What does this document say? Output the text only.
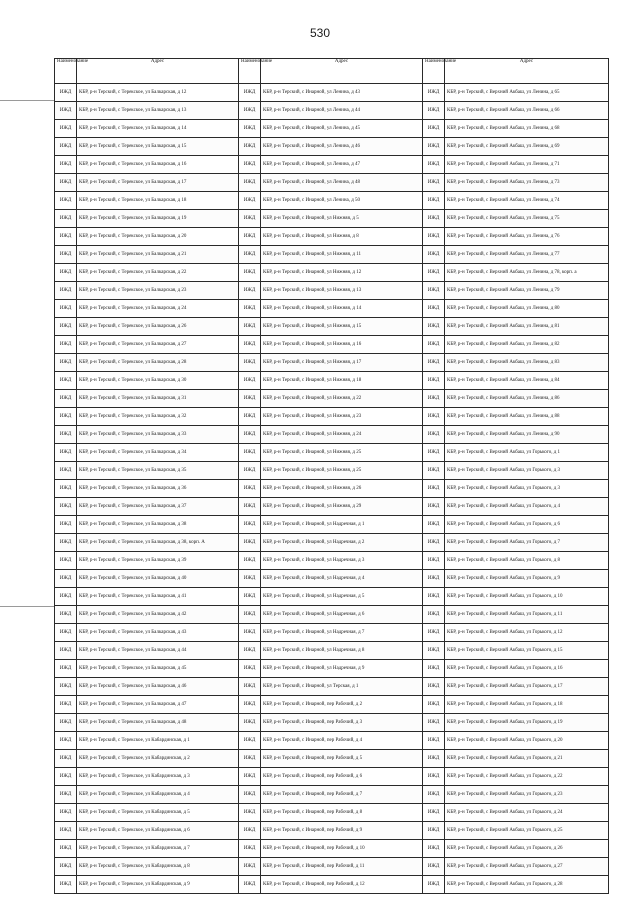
530
Наименование	Адрес	Наименование	Адрес	Наименование	Адрес
ИЖД	КБР, р-н Терский, с Терекское, ул Балкарская, д 12	ИЖД	КБР, р-н Терский, с Инарной, ул Ленина, д 43	ИЖД	КБР, р-н Терский, с Верхний Акбаш, ул Ленина, д 65
ИЖД	КБР, р-н Терский, с Терекское, ул Балкарская, д 13	ИЖД	КБР, р-н Терский, с Инарной, ул Ленина, д 44	ИЖД	КБР, р-н Терский, с Верхний Акбаш, ул Ленина, д 66
ИЖД	КБР, р-н Терский, с Терекское, ул Балкарская, д 14	ИЖД	КБР, р-н Терский, с Инарной, ул Ленина, д 45	ИЖД	КБР, р-н Терский, с Верхний Акбаш, ул Ленина, д 68
ИЖД	КБР, р-н Терский, с Терекское, ул Балкарская, д 15	ИЖД	КБР, р-н Терский, с Инарной, ул Ленина, д 46	ИЖД	КБР, р-н Терский, с Верхний Акбаш, ул Ленина, д 69
ИЖД	КБР, р-н Терский, с Терекское, ул Балкарская, д 16	ИЖД	КБР, р-н Терский, с Инарной, ул Ленина, д 47	ИЖД	КБР, р-н Терский, с Верхний Акбаш, ул Ленина, д 71
ИЖД	КБР, р-н Терский, с Терекское, ул Балкарская, д 17	ИЖД	КБР, р-н Терский, с Инарной, ул Ленина, д 48	ИЖД	КБР, р-н Терский, с Верхний Акбаш, ул Ленина, д 73
ИЖД	КБР, р-н Терский, с Терекское, ул Балкарская, д 18	ИЖД	КБР, р-н Терский, с Инарной, ул Ленина, д 50	ИЖД	КБР, р-н Терский, с Верхний Акбаш, ул Ленина, д 74
ИЖД	КБР, р-н Терский, с Терекское, ул Балкарская, д 19	ИЖД	КБР, р-н Терский, с Инарной, ул Нижняя, д 5	ИЖД	КБР, р-н Терский, с Верхний Акбаш, ул Ленина, д 75
ИЖД	КБР, р-н Терский, с Терекское, ул Балкарская, д 20	ИЖД	КБР, р-н Терский, с Инарной, ул Нижняя, д 8	ИЖД	КБР, р-н Терский, с Верхний Акбаш, ул Ленина, д 76
ИЖД	КБР, р-н Терский, с Терекское, ул Балкарская, д 21	ИЖД	КБР, р-н Терский, с Инарной, ул Нижняя, д 11	ИЖД	КБР, р-н Терский, с Верхний Акбаш, ул Ленина, д 77
ИЖД	КБР, р-н Терский, с Терекское, ул Балкарская, д 22	ИЖД	КБР, р-н Терский, с Инарной, ул Нижняя, д 12	ИЖД	КБР, р-н Терский, с Верхний Акбаш, ул Ленина, д 78, корп. а
ИЖД	КБР, р-н Терский, с Терекское, ул Балкарская, д 23	ИЖД	КБР, р-н Терский, с Инарной, ул Нижняя, д 13	ИЖД	КБР, р-н Терский, с Верхний Акбаш, ул Ленина, д 79
ИЖД	КБР, р-н Терский, с Терекское, ул Балкарская, д 24	ИЖД	КБР, р-н Терский, с Инарной, ул Нижняя, д 14	ИЖД	КБР, р-н Терский, с Верхний Акбаш, ул Ленина, д 80
ИЖД	КБР, р-н Терский, с Терекское, ул Балкарская, д 26	ИЖД	КБР, р-н Терский, с Инарной, ул Нижняя, д 15	ИЖД	КБР, р-н Терский, с Верхний Акбаш, ул Ленина, д 81
ИЖД	КБР, р-н Терский, с Терекское, ул Балкарская, д 27	ИЖД	КБР, р-н Терский, с Инарной, ул Нижняя, д 16	ИЖД	КБР, р-н Терский, с Верхний Акбаш, ул Ленина, д 82
ИЖД	КБР, р-н Терский, с Терекское, ул Балкарская, д 28	ИЖД	КБР, р-н Терский, с Инарной, ул Нижняя, д 17	ИЖД	КБР, р-н Терский, с Верхний Акбаш, ул Ленина, д 83
ИЖД	КБР, р-н Терский, с Терекское, ул Балкарская, д 30	ИЖД	КБР, р-н Терский, с Инарной, ул Нижняя, д 18	ИЖД	КБР, р-н Терский, с Верхний Акбаш, ул Ленина, д 84
ИЖД	КБР, р-н Терский, с Терекское, ул Балкарская, д 31	ИЖД	КБР, р-н Терский, с Инарной, ул Нижняя, д 22	ИЖД	КБР, р-н Терский, с Верхний Акбаш, ул Ленина, д 86
ИЖД	КБР, р-н Терский, с Терекское, ул Балкарская, д 32	ИЖД	КБР, р-н Терский, с Инарной, ул Нижняя, д 23	ИЖД	КБР, р-н Терский, с Верхний Акбаш, ул Ленина, д 88
ИЖД	КБР, р-н Терский, с Терекское, ул Балкарская, д 33	ИЖД	КБР, р-н Терский, с Инарной, ул Нижняя, д 24	ИЖД	КБР, р-н Терский, с Верхний Акбаш, ул Ленина, д 90
ИЖД	КБР, р-н Терский, с Терекское, ул Балкарская, д 34	ИЖД	КБР, р-н Терский, с Инарной, ул Нижняя, д 25	ИЖД	КБР, р-н Терский, с Верхний Акбаш, ул Горького, д 1
ИЖД	КБР, р-н Терский, с Терекское, ул Балкарская, д 35	ИЖД	КБР, р-н Терский, с Инарной, ул Нижняя, д 25	ИЖД	КБР, р-н Терский, с Верхний Акбаш, ул Горького, д 3
ИЖД	КБР, р-н Терский, с Терекское, ул Балкарская, д 36	ИЖД	КБР, р-н Терский, с Инарной, ул Нижняя, д 26	ИЖД	КБР, р-н Терский, с Верхний Акбаш, ул Горького, д 3
ИЖД	КБР, р-н Терский, с Терекское, ул Балкарская, д 37	ИЖД	КБР, р-н Терский, с Инарной, ул Нижняя, д 29	ИЖД	КБР, р-н Терский, с Верхний Акбаш, ул Горького, д 4
ИЖД	КБР, р-н Терский, с Терекское, ул Балкарская, д 38	ИЖД	КБР, р-н Терский, с Инарной, ул Надречная, д 1	ИЖД	КБР, р-н Терский, с Верхний Акбаш, ул Горького, д 6
ИЖД	КБР, р-н Терский, с Терекское, ул Балкарская, д 38, корп. А	ИЖД	КБР, р-н Терский, с Инарной, ул Надречная, д 2	ИЖД	КБР, р-н Терский, с Верхний Акбаш, ул Горького, д 7
ИЖД	КБР, р-н Терский, с Терекское, ул Балкарская, д 39	ИЖД	КБР, р-н Терский, с Инарной, ул Надречная, д 3	ИЖД	КБР, р-н Терский, с Верхний Акбаш, ул Горького, д 8
ИЖД	КБР, р-н Терский, с Терекское, ул Балкарская, д 40	ИЖД	КБР, р-н Терский, с Инарной, ул Надречная, д 4	ИЖД	КБР, р-н Терский, с Верхний Акбаш, ул Горького, д 9
ИЖД	КБР, р-н Терский, с Терекское, ул Балкарская, д 41	ИЖД	КБР, р-н Терский, с Инарной, ул Надречная, д 5	ИЖД	КБР, р-н Терский, с Верхний Акбаш, ул Горького, д 10
ИЖД	КБР, р-н Терский, с Терекское, ул Балкарская, д 42	ИЖД	КБР, р-н Терский, с Инарной, ул Надречная, д 6	ИЖД	КБР, р-н Терский, с Верхний Акбаш, ул Горького, д 11
ИЖД	КБР, р-н Терский, с Терекское, ул Балкарская, д 43	ИЖД	КБР, р-н Терский, с Инарной, ул Надречная, д 7	ИЖД	КБР, р-н Терский, с Верхний Акбаш, ул Горького, д 12
ИЖД	КБР, р-н Терский, с Терекское, ул Балкарская, д 44	ИЖД	КБР, р-н Терский, с Инарной, ул Надречная, д 8	ИЖД	КБР, р-н Терский, с Верхний Акбаш, ул Горького, д 15
ИЖД	КБР, р-н Терский, с Терекское, ул Балкарская, д 45	ИЖД	КБР, р-н Терский, с Инарной, ул Надречная, д 9	ИЖД	КБР, р-н Терский, с Верхний Акбаш, ул Горького, д 16
ИЖД	КБР, р-н Терский, с Терекское, ул Балкарская, д 46	ИЖД	КБР, р-н Терский, с Инарной, ул Терская, д 1	ИЖД	КБР, р-н Терский, с Верхний Акбаш, ул Горького, д 17
ИЖД	КБР, р-н Терский, с Терекское, ул Балкарская, д 47	ИЖД	КБР, р-н Терский, с Инарной, пер Рабочий, д 2	ИЖД	КБР, р-н Терский, с Верхний Акбаш, ул Горького, д 18
ИЖД	КБР, р-н Терский, с Терекское, ул Балкарская, д 48	ИЖД	КБР, р-н Терский, с Инарной, пер Рабочий, д 3	ИЖД	КБР, р-н Терский, с Верхний Акбаш, ул Горького, д 19
ИЖД	КБР, р-н Терский, с Терекское, ул Кабардинская, д 1	ИЖД	КБР, р-н Терский, с Инарной, пер Рабочий, д 4	ИЖД	КБР, р-н Терский, с Верхний Акбаш, ул Горького, д 20
ИЖД	КБР, р-н Терский, с Терекское, ул Кабардинская, д 2	ИЖД	КБР, р-н Терский, с Инарной, пер Рабочий, д 5	ИЖД	КБР, р-н Терский, с Верхний Акбаш, ул Горького, д 21
ИЖД	КБР, р-н Терский, с Терекское, ул Кабардинская, д 3	ИЖД	КБР, р-н Терский, с Инарной, пер Рабочий, д 6	ИЖД	КБР, р-н Терский, с Верхний Акбаш, ул Горького, д 22
ИЖД	КБР, р-н Терский, с Терекское, ул Кабардинская, д 4	ИЖД	КБР, р-н Терский, с Инарной, пер Рабочий, д 7	ИЖД	КБР, р-н Терский, с Верхний Акбаш, ул Горького, д 23
ИЖД	КБР, р-н Терский, с Терекское, ул Кабардинская, д 5	ИЖД	КБР, р-н Терский, с Инарной, пер Рабочий, д 8	ИЖД	КБР, р-н Терский, с Верхний Акбаш, ул Горького, д 24
ИЖД	КБР, р-н Терский, с Терекское, ул Кабардинская, д 6	ИЖД	КБР, р-н Терский, с Инарной, пер Рабочий, д 9	ИЖД	КБР, р-н Терский, с Верхний Акбаш, ул Горького, д 25
ИЖД	КБР, р-н Терский, с Терекское, ул Кабардинская, д 7	ИЖД	КБР, р-н Терский, с Инарной, пер Рабочий, д 10	ИЖД	КБР, р-н Терский, с Верхний Акбаш, ул Горького, д 26
ИЖД	КБР, р-н Терский, с Терекское, ул Кабардинская, д 8	ИЖД	КБР, р-н Терский, с Инарной, пер Рабочий, д 11	ИЖД	КБР, р-н Терский, с Верхний Акбаш, ул Горького, д 27
ИЖД	КБР, р-н Терский, с Терекское, ул Кабардинская, д 9	ИЖД	КБР, р-н Терский, с Инарной, пер Рабочий, д 12	ИЖД	КБР, р-н Терский, с Верхний Акбаш, ул Горького, д 28
